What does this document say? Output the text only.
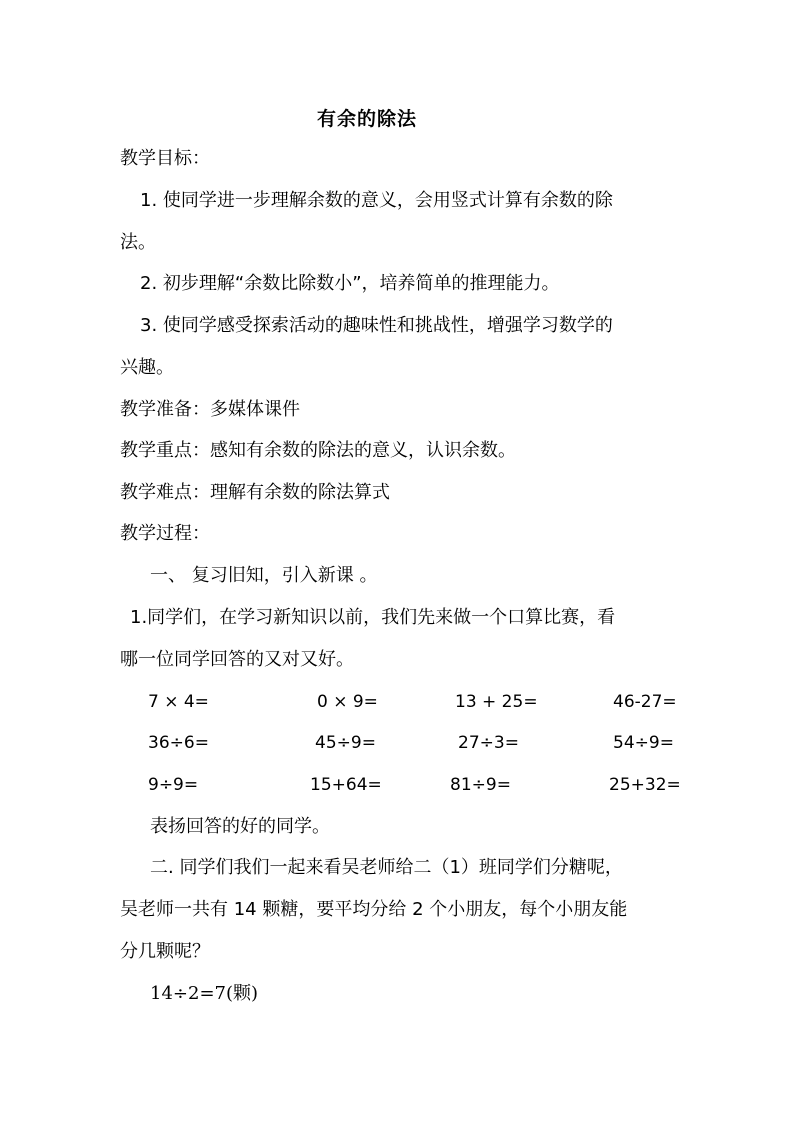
有余的除法
教学目标：
1. 使同学进一步理解余数的意义，会用竖式计算有余数的除
法。
2. 初步理解“余数比除数小”，培养简单的推理能力。
3. 使同学感受探索活动的趣味性和挑战性，增强学习数学的
兴趣。
教学准备：多媒体课件
教学重点：感知有余数的除法的意义，认识余数。
教学难点：理解有余数的除法算式
教学过程：
一、 复习旧知，引入新课 。
1.同学们，在学习新知识以前，我们先来做一个口算比赛，看
哪一位同学回答的又对又好。
7 × 4=	0 × 9=	13 + 25=	46-27=
36÷6=	45÷9=	27÷3=	54÷9=
9÷9=	15+64=	81÷9=	25+32=
表扬回答的好的同学。
二. 同学们我们一起来看吴老师给二（1）班同学们分糖呢，
吴老师一共有 14 颗糖，要平均分给 2 个小朋友，每个小朋友能
分几颗呢？
14÷2=7(颗)
